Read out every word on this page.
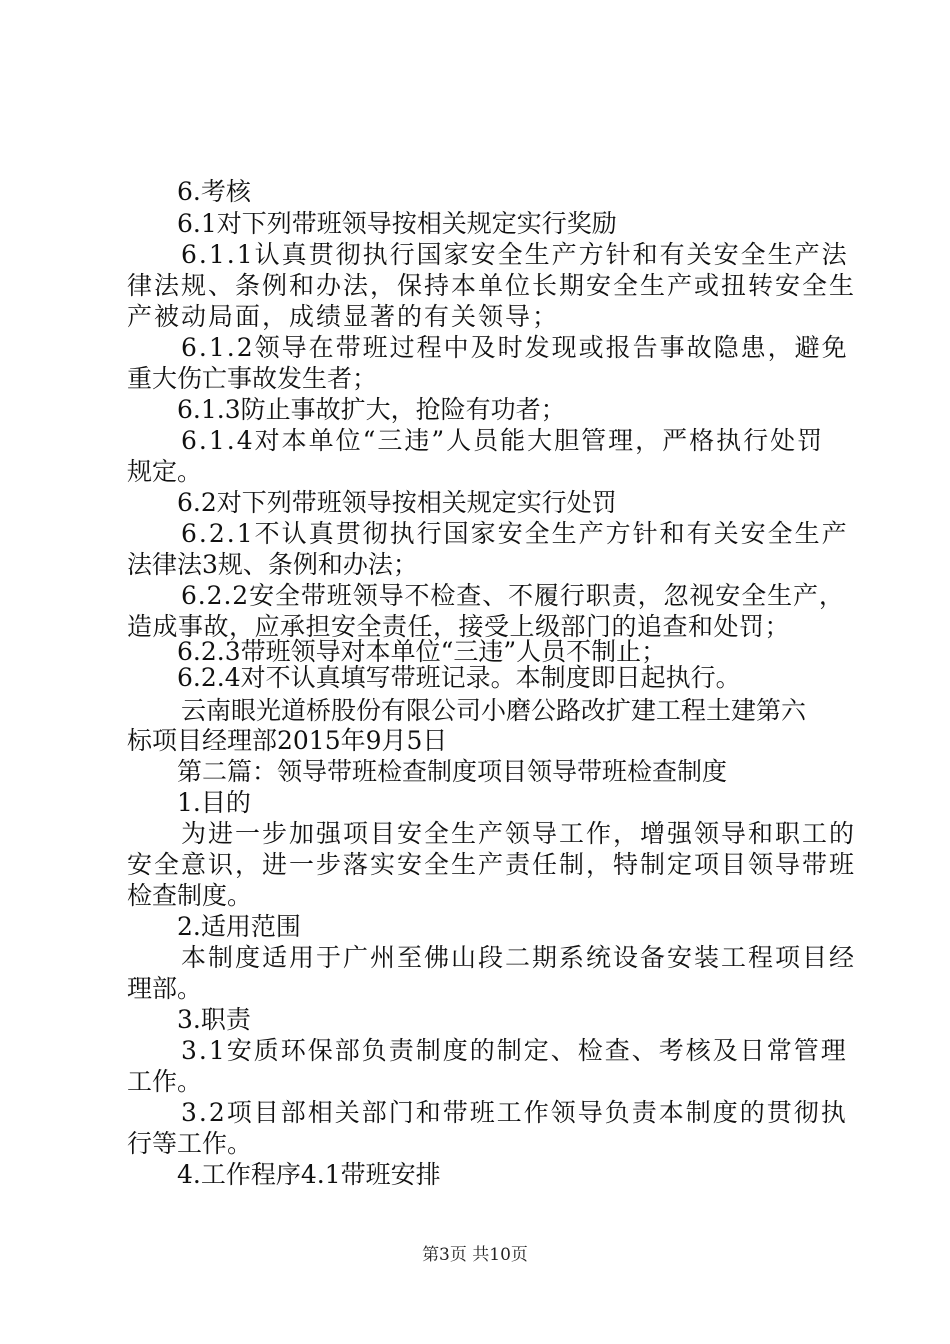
6.考核
6.1对下列带班领导按相关规定实行奖励
6.1.1认真贯彻执行国家安全生产方针和有关安全生产法
律法规、条例和办法，保持本单位长期安全生产或扭转安全生
产被动局面，成绩显著的有关领导；
6.1.2领导在带班过程中及时发现或报告事故隐患，避免
重大伤亡事故发生者；
6.1.3防止事故扩大，抢险有功者；
6.1.4对本单位“三违”人员能大胆管理，严格执行处罚
规定。
6.2对下列带班领导按相关规定实行处罚
6.2.1不认真贯彻执行国家安全生产方针和有关安全生产
法律法3规、条例和办法；
6.2.2安全带班领导不检查、不履行职责，忽视安全生产，
造成事故，应承担安全责任，接受上级部门的追查和处罚；
6.2.3带班领导对本单位“三违”人员不制止；
6.2.4对不认真填写带班记录。本制度即日起执行。
云南眼光道桥股份有限公司小磨公路改扩建工程土建第六
标项目经理部2015年9月5日
第二篇：领导带班检查制度项目领导带班检查制度
1.目的
为进一步加强项目安全生产领导工作，增强领导和职工的
安全意识，进一步落实安全生产责任制，特制定项目领导带班
检查制度。
2.适用范围
本制度适用于广州至佛山段二期系统设备安装工程项目经
理部。
3.职责
3.1安质环保部负责制度的制定、检查、考核及日常管理
工作。
3.2项目部相关部门和带班工作领导负责本制度的贯彻执
行等工作。
4.工作程序4.1带班安排
第3页 共10页
